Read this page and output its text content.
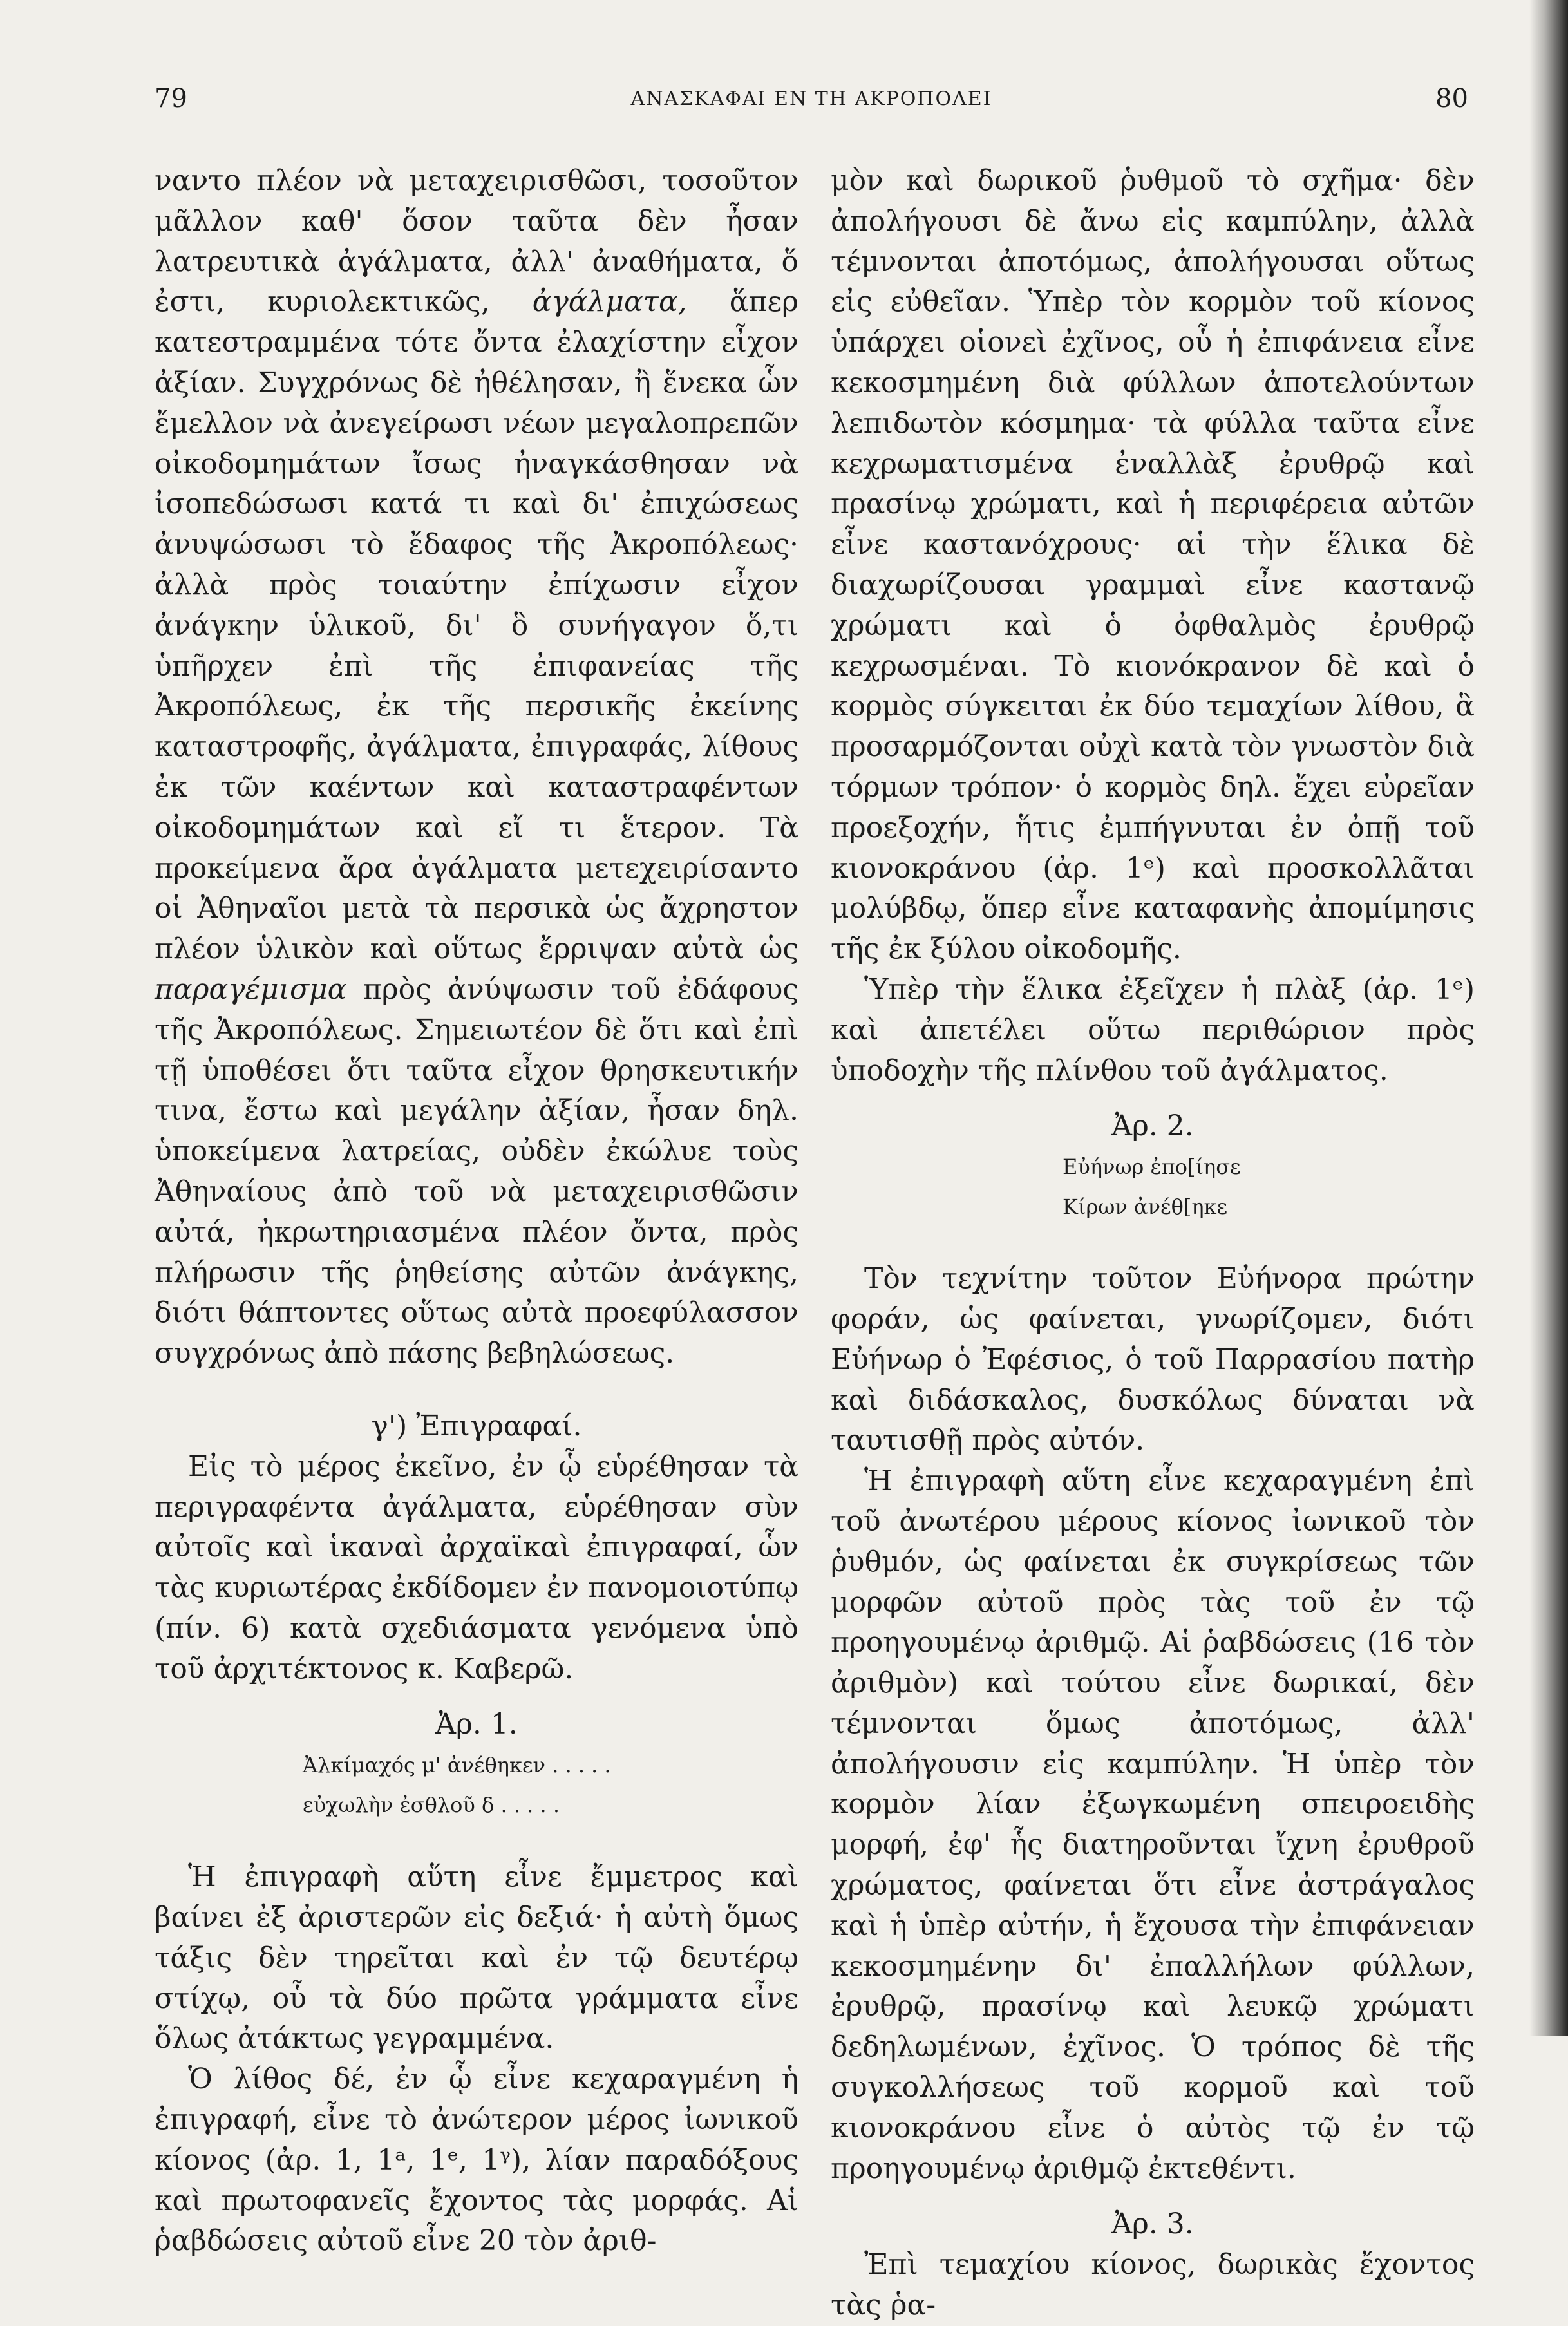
79	ΑΝΑΣΚΑΦΑΙ ΕΝ ΤΗ ΑΚΡΟΠΟΛΕΙ	80

ναντο πλέον νὰ μεταχειρισθῶσι, τοσοῦτον μᾶλλον καθ' ὅσον ταῦτα δὲν ἦσαν λατρευτικὰ ἀγάλματα, ἀλλ' ἀναθήματα, ὅ ἐστι, κυριολεκτικῶς, ἀγάλματα, ἅπερ κατεστραμμένα τότε ὄντα ἐλαχίστην εἶχον ἀξίαν. Συγχρόνως δὲ ἠθέλησαν, ἢ ἕνεκα ὧν ἔμελλον νὰ ἀνεγείρωσι νέων μεγαλοπρεπῶν οἰκοδομημάτων ἴσως ἠναγκάσθησαν νὰ ἰσοπεδώσωσι κατά τι καὶ δι' ἐπιχώσεως ἀνυψώσωσι τὸ ἔδαφος τῆς Ἀκροπόλεως· ἀλλὰ πρὸς τοιαύτην ἐπίχωσιν εἶχον ἀνάγκην ὑλικοῦ, δι' ὃ συνήγαγον ὅ,τι ὑπῆρχεν ἐπὶ τῆς ἐπιφανείας τῆς Ἀκροπόλεως, ἐκ τῆς περσικῆς ἐκείνης καταστροφῆς, ἀγάλματα, ἐπιγραφάς, λίθους ἐκ τῶν καέντων καὶ καταστραφέντων οἰκοδομημάτων καὶ εἴ τι ἕτερον. Τὰ προκείμενα ἄρα ἀγάλματα μετεχειρίσαντο οἱ Ἀθηναῖοι μετὰ τὰ περσικὰ ὡς ἄχρηστον πλέον ὑλικὸν καὶ οὕτως ἔρριψαν αὐτὰ ὡς παραγέμισμα πρὸς ἀνύψωσιν τοῦ ἐδάφους τῆς Ἀκροπόλεως. Σημειωτέον δὲ ὅτι καὶ ἐπὶ τῇ ὑποθέσει ὅτι ταῦτα εἶχον θρησκευτικήν τινα, ἔστω καὶ μεγάλην ἀξίαν, ἦσαν δηλ. ὑποκείμενα λατρείας, οὐδὲν ἐκώλυε τοὺς Ἀθηναίους ἀπὸ τοῦ νὰ μεταχειρισθῶσιν αὐτά, ἠκρωτηριασμένα πλέον ὄντα, πρὸς πλήρωσιν τῆς ῥηθείσης αὐτῶν ἀνάγκης, διότι θάπτοντες οὕτως αὐτὰ προεφύλασσον συγχρόνως ἀπὸ πάσης βεβηλώσεως.

γ') Ἐπιγραφαί.

Εἰς τὸ μέρος ἐκεῖνο, ἐν ᾧ εὑρέθησαν τὰ περιγραφέντα ἀγάλματα, εὑρέθησαν σὺν αὐτοῖς καὶ ἱκαναὶ ἀρχαϊκαὶ ἐπιγραφαί, ὧν τὰς κυριωτέρας ἐκδίδομεν ἐν πανομοιοτύπῳ (πίν. 6) κατὰ σχεδιάσματα γενόμενα ὑπὸ τοῦ ἀρχιτέκτονος κ. Καβερῶ.

Ἀρ. 1.

Ἀλκίμαχός μ' ἀνέθηκεν . . . . .

εὐχωλὴν ἐσθλοῦ δ . . . . .

Ἡ ἐπιγραφὴ αὕτη εἶνε ἔμμετρος καὶ βαίνει ἐξ ἀριστερῶν εἰς δεξιά· ἡ αὐτὴ ὅμως τάξις δὲν τηρεῖται καὶ ἐν τῷ δευτέρῳ στίχῳ, οὗ τὰ δύο πρῶτα γράμματα εἶνε ὅλως ἀτάκτως γεγραμμένα.

Ὁ λίθος δέ, ἐν ᾧ εἶνε κεχαραγμένη ἡ ἐπιγραφή, εἶνε τὸ ἀνώτερον μέρος ἰωνικοῦ κίονος (ἀρ. 1, 1ᵃ, 1ᵉ, 1ᵞ), λίαν παραδόξους καὶ πρωτοφανεῖς ἔχοντος τὰς μορφάς. Αἱ ῥαβδώσεις αὐτοῦ εἶνε 20 τὸν ἀριθ-

μὸν καὶ δωρικοῦ ῥυθμοῦ τὸ σχῆμα· δὲν ἀπολήγουσι δὲ ἄνω εἰς καμπύλην, ἀλλὰ τέμνονται ἀποτόμως, ἀπολήγουσαι οὕτως εἰς εὐθεῖαν. Ὑπὲρ τὸν κορμὸν τοῦ κίονος ὑπάρχει οἱονεὶ ἐχῖνος, οὗ ἡ ἐπιφάνεια εἶνε κεκοσμημένη διὰ φύλλων ἀποτελούντων λεπιδωτὸν κόσμημα· τὰ φύλλα ταῦτα εἶνε κεχρωματισμένα ἐναλλὰξ ἐρυθρῷ καὶ πρασίνῳ χρώματι, καὶ ἡ περιφέρεια αὐτῶν εἶνε καστανόχρους· αἱ τὴν ἕλικα δὲ διαχωρίζουσαι γραμμαὶ εἶνε καστανῷ χρώματι καὶ ὁ ὀφθαλμὸς ἐρυθρῷ κεχρωσμέναι. Τὸ κιονόκρανον δὲ καὶ ὁ κορμὸς σύγκειται ἐκ δύο τεμαχίων λίθου, ἃ προσαρμόζονται οὐχὶ κατὰ τὸν γνωστὸν διὰ τόρμων τρόπον· ὁ κορμὸς δηλ. ἔχει εὐρεῖαν προεξοχήν, ἥτις ἐμπήγνυται ἐν ὀπῇ τοῦ κιονοκράνου (ἀρ. 1ᵉ) καὶ προσκολλᾶται μολύβδῳ, ὅπερ εἶνε καταφανὴς ἀπομίμησις τῆς ἐκ ξύλου οἰκοδομῆς.

Ὑπὲρ τὴν ἕλικα ἐξεῖχεν ἡ πλὰξ (ἀρ. 1ᵉ) καὶ ἀπετέλει οὕτω περιθώριον πρὸς ὑποδοχὴν τῆς πλίνθου τοῦ ἀγάλματος.

Ἀρ. 2.

Εὐήνωρ ἐπο[ίησε

Κίρων ἀνέθ[ηκε

Τὸν τεχνίτην τοῦτον Εὐήνορα πρώτην φοράν, ὡς φαίνεται, γνωρίζομεν, διότι Εὐήνωρ ὁ Ἐφέσιος, ὁ τοῦ Παρρασίου πατὴρ καὶ διδάσκαλος, δυσκόλως δύναται νὰ ταυτισθῇ πρὸς αὐτόν.

Ἡ ἐπιγραφὴ αὕτη εἶνε κεχαραγμένη ἐπὶ τοῦ ἀνωτέρου μέρους κίονος ἰωνικοῦ τὸν ῥυθμόν, ὡς φαίνεται ἐκ συγκρίσεως τῶν μορφῶν αὐτοῦ πρὸς τὰς τοῦ ἐν τῷ προηγουμένῳ ἀριθμῷ. Αἱ ῥαβδώσεις (16 τὸν ἀριθμὸν) καὶ τούτου εἶνε δωρικαί, δὲν τέμνονται ὅμως ἀποτόμως, ἀλλ' ἀπολήγουσιν εἰς καμπύλην. Ἡ ὑπὲρ τὸν κορμὸν λίαν ἐξωγκωμένη σπειροειδὴς μορφή, ἐφ' ἧς διατηροῦνται ἴχνη ἐρυθροῦ χρώματος, φαίνεται ὅτι εἶνε ἀστράγαλος καὶ ἡ ὑπὲρ αὐτήν, ἡ ἔχουσα τὴν ἐπιφάνειαν κεκοσμημένην δι' ἐπαλλήλων φύλλων, ἐρυθρῷ, πρασίνῳ καὶ λευκῷ χρώματι δεδηλωμένων, ἐχῖνος. Ὁ τρόπος δὲ τῆς συγκολλήσεως τοῦ κορμοῦ καὶ τοῦ κιονοκράνου εἶνε ὁ αὐτὸς τῷ ἐν τῷ προηγουμένῳ ἀριθμῷ ἐκτεθέντι.

Ἀρ. 3.

Ἐπὶ τεμαχίου κίονος, δωρικὰς ἔχοντος τὰς ῥα-
